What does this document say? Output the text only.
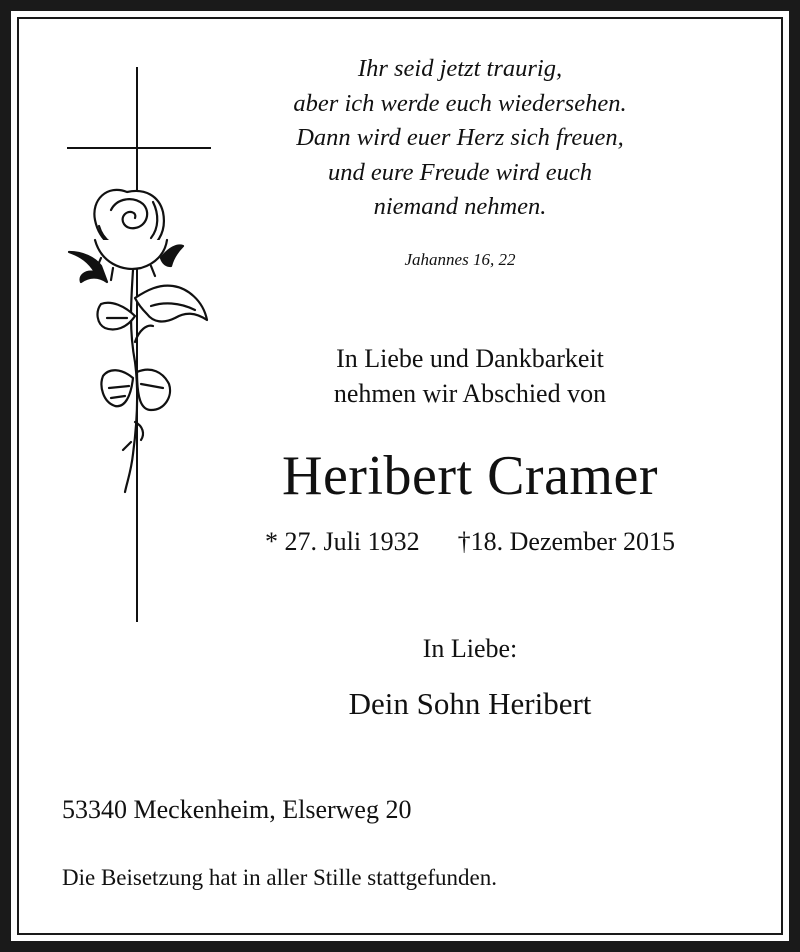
Ihr seid jetzt traurig,
aber ich werde euch wiedersehen.
Dann wird euer Herz sich freuen,
und eure Freude wird euch
niemand nehmen.
Jahannes 16, 22
In Liebe und Dankbarkeit
nehmen wir Abschied von
Heribert Cramer
* 27. Juli 1932 †18. Dezember 2015
In Liebe:
Dein Sohn Heribert
53340 Meckenheim, Elserweg 20
Die Beisetzung hat in aller Stille stattgefunden.
